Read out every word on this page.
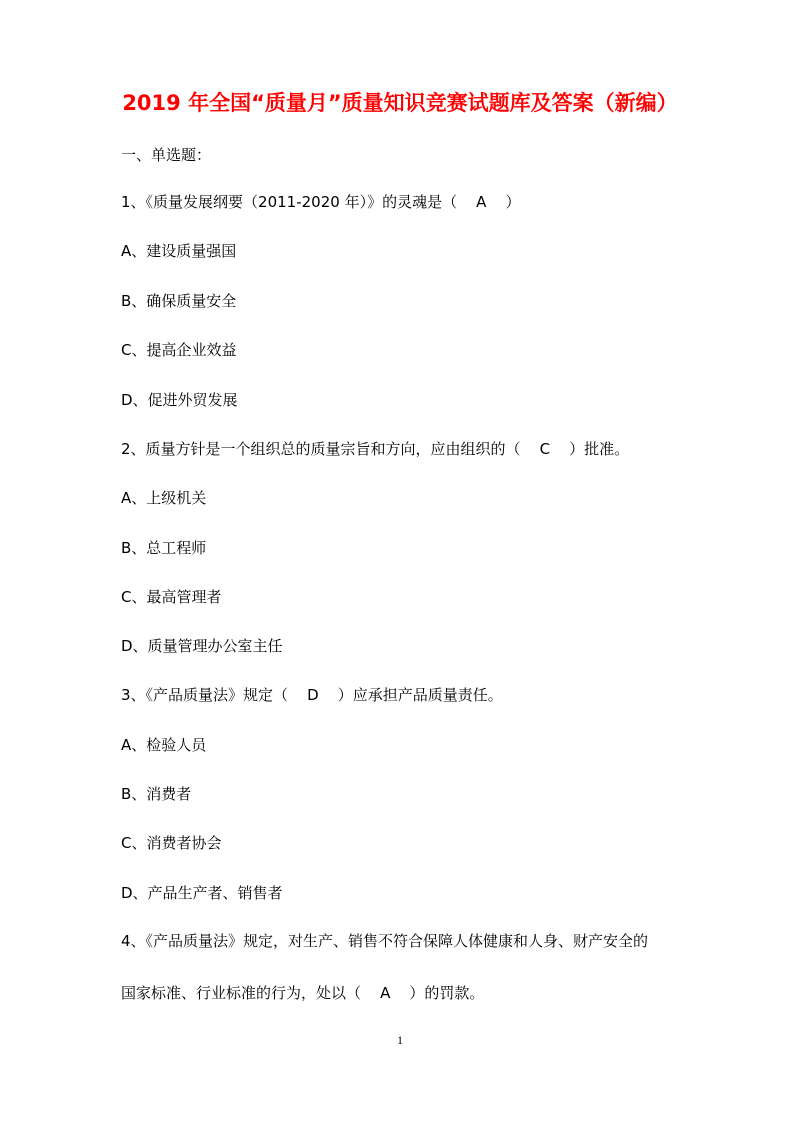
2019 年全国“质量月”质量知识竞赛试题库及答案（新编）
一、单选题：
1、《质量发展纲要（2011-2020 年）》的灵魂是（    A    ）
A、建设质量强国
B、确保质量安全
C、提高企业效益
D、促进外贸发展
2、质量方针是一个组织总的质量宗旨和方向，应由组织的（    C    ）批准。
A、上级机关
B、总工程师
C、最高管理者
D、质量管理办公室主任
3、《产品质量法》规定（    D    ）应承担产品质量责任。
A、检验人员
B、消费者
C、消费者协会
D、产品生产者、销售者
4、《产品质量法》规定，对生产、销售不符合保障人体健康和人身、财产安全的
国家标准、行业标准的行为，处以（    A    ）的罚款。
1
